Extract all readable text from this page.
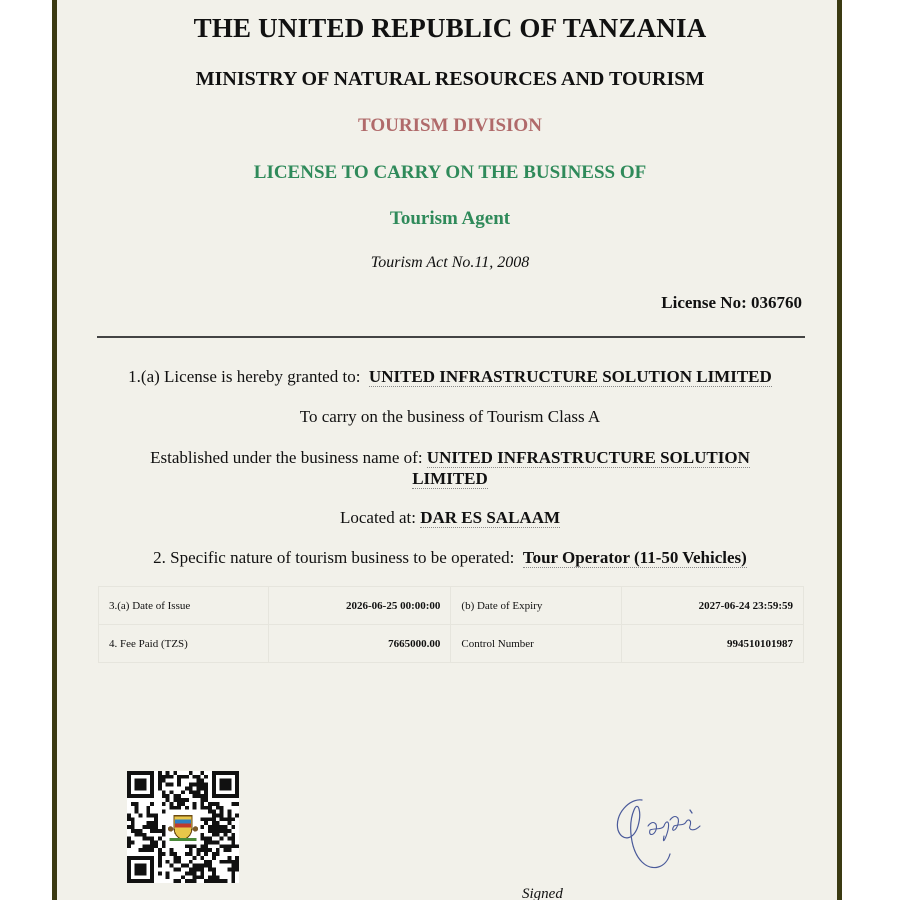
THE UNITED REPUBLIC OF TANZANIA
MINISTRY OF NATURAL RESOURCES AND TOURISM
TOURISM DIVISION
LICENSE TO CARRY ON THE BUSINESS OF
Tourism Agent
Tourism Act No.11, 2008
License No: 036760
1.(a) License is hereby granted to: UNITED INFRASTRUCTURE SOLUTION LIMITED
To carry on the business of Tourism Class A
Established under the business name of: UNITED INFRASTRUCTURE SOLUTION LIMITED
Located at: DAR ES SALAAM
2. Specific nature of tourism business to be operated: Tour Operator (11-50 Vehicles)
3.(a) Date of Issue	2026-06-25 00:00:00	(b) Date of Expiry	2027-06-24 23:59:59
4. Fee Paid (TZS)	7665000.00	Control Number	994510101987
Signed
